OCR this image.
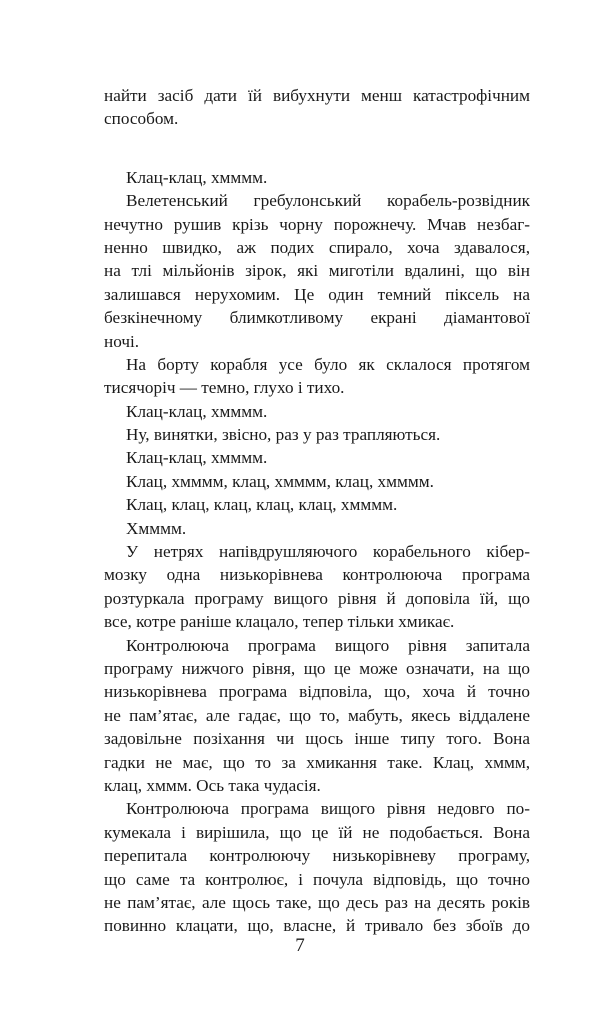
найти засіб дати їй вибухнути менш катастрофічним
способом.
Клац-клац, хмммм.
Велетенський гребулонський корабель-розвідник
нечутно рушив крізь чорну порожнечу. Мчав незбаг-
ненно швидко, аж подих спирало, хоча здавалося,
на тлі мільйонів зірок, які миготіли вдалині, що він
залишався нерухомим. Це один темний піксель на
безкінечному блимкотливому екрані діамантової
ночі.
На борту корабля усе було як склалося протягом
тисячоріч — темно, глухо і тихо.
Клац-клац, хмммм.
Ну, винятки, звісно, раз у раз трапляються.
Клац-клац, хмммм.
Клац, хмммм, клац, хмммм, клац, хмммм.
Клац, клац, клац, клац, клац, хмммм.
Хмммм.
У нетрях напівдрушляючого корабельного кібер-
мозку одна низькорівнева контролююча програма
розтуркала програму вищого рівня й доповіла їй, що
все, котре раніше клацало, тепер тільки хмикає.
Контролююча програма вищого рівня запитала
програму нижчого рівня, що це може означати, на що
низькорівнева програма відповіла, що, хоча й точно
не пам’ятає, але гадає, що то, мабуть, якесь віддалене
задовільне позіхання чи щось інше типу того. Вона
гадки не має, що то за хмикання таке. Клац, хммм,
клац, хммм. Ось така чудасія.
Контролююча програма вищого рівня недовго по-
кумекала і вирішила, що це їй не подобається. Вона
перепитала контролюючу низькорівневу програму,
що саме та контролює, і почула відповідь, що точно
не пам’ятає, але щось таке, що десь раз на десять років
повинно клацати, що, власне, й тривало без збоїв до
7
